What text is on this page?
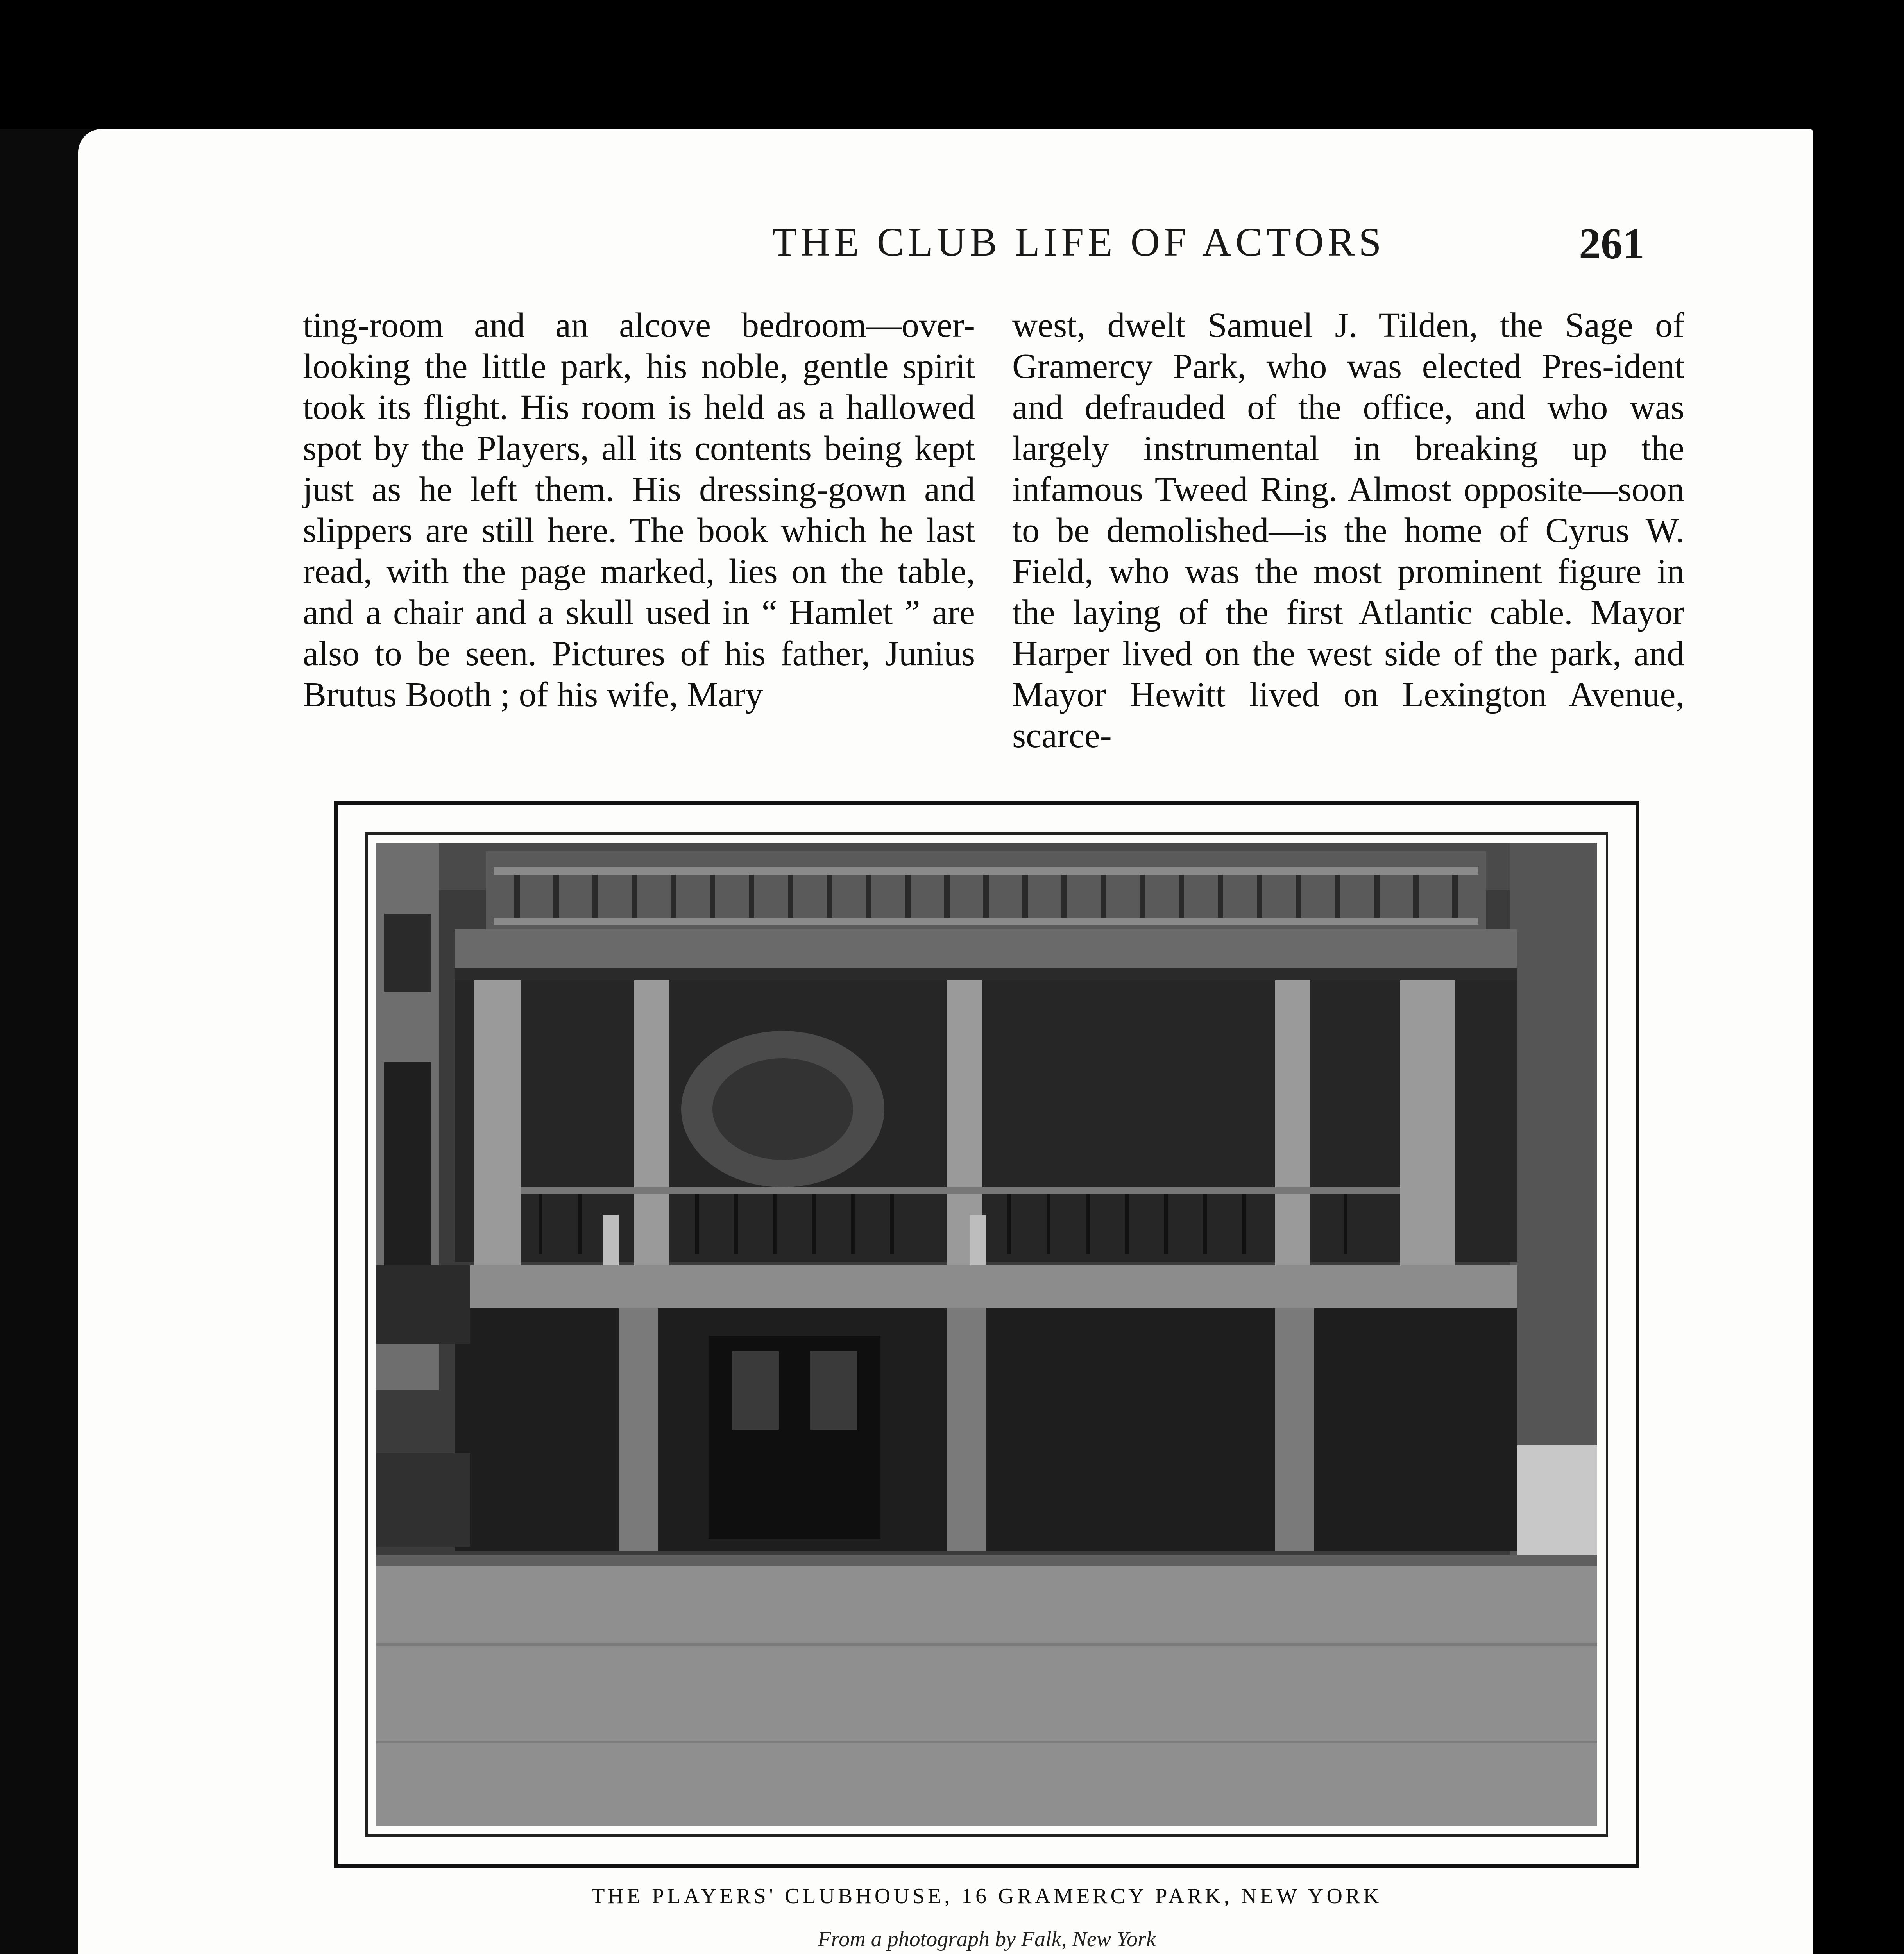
THE CLUB LIFE OF ACTORS	261

ting-room and an alcove bedroom—over-looking the little park, his noble, gentle spirit took its flight. His room is held as a hallowed spot by the Players, all its contents being kept just as he left them. His dressing-gown and slippers are still here. The book which he last read, with the page marked, lies on the table, and a chair and a skull used in “ Hamlet ” are also to be seen. Pictures of his father, Junius Brutus Booth ; of his wife, Mary

west, dwelt Samuel J. Tilden, the Sage of Gramercy Park, who was elected Pres-ident and defrauded of the office, and who was largely instrumental in breaking up the infamous Tweed Ring. Almost opposite—soon to be demolished—is the home of Cyrus W. Field, who was the most prominent figure in the laying of the first Atlantic cable. Mayor Harper lived on the west side of the park, and Mayor Hewitt lived on Lexington Avenue, scarce-

THE PLAYERS' CLUBHOUSE, 16 GRAMERCY PARK, NEW YORK
From a photograph by Falk, New York
